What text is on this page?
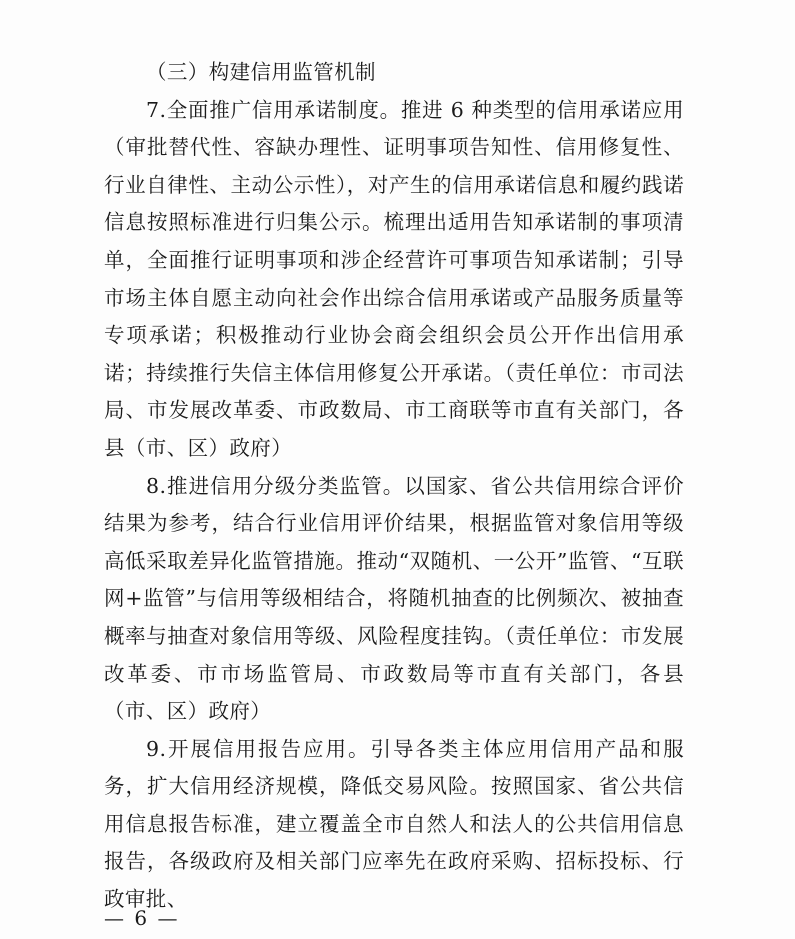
（三）构建信用监管机制

7.全面推广信用承诺制度。推进 6 种类型的信用承诺应用（审批替代性、容缺办理性、证明事项告知性、信用修复性、行业自律性、主动公示性），对产生的信用承诺信息和履约践诺信息按照标准进行归集公示。梳理出适用告知承诺制的事项清单，全面推行证明事项和涉企经营许可事项告知承诺制；引导市场主体自愿主动向社会作出综合信用承诺或产品服务质量等专项承诺；积极推动行业协会商会组织会员公开作出信用承诺；持续推行失信主体信用修复公开承诺。（责任单位：市司法局、市发展改革委、市政数局、市工商联等市直有关部门，各县（市、区）政府）

8.推进信用分级分类监管。以国家、省公共信用综合评价结果为参考，结合行业信用评价结果，根据监管对象信用等级高低采取差异化监管措施。推动“双随机、一公开”监管、“互联网+监管”与信用等级相结合，将随机抽查的比例频次、被抽查概率与抽查对象信用等级、风险程度挂钩。（责任单位：市发展改革委、市市场监管局、市政数局等市直有关部门，各县（市、区）政府）

9.开展信用报告应用。引导各类主体应用信用产品和服务，扩大信用经济规模，降低交易风险。按照国家、省公共信用信息报告标准，建立覆盖全市自然人和法人的公共信用信息报告，各级政府及相关部门应率先在政府采购、招标投标、行政审批、

— 6 —
